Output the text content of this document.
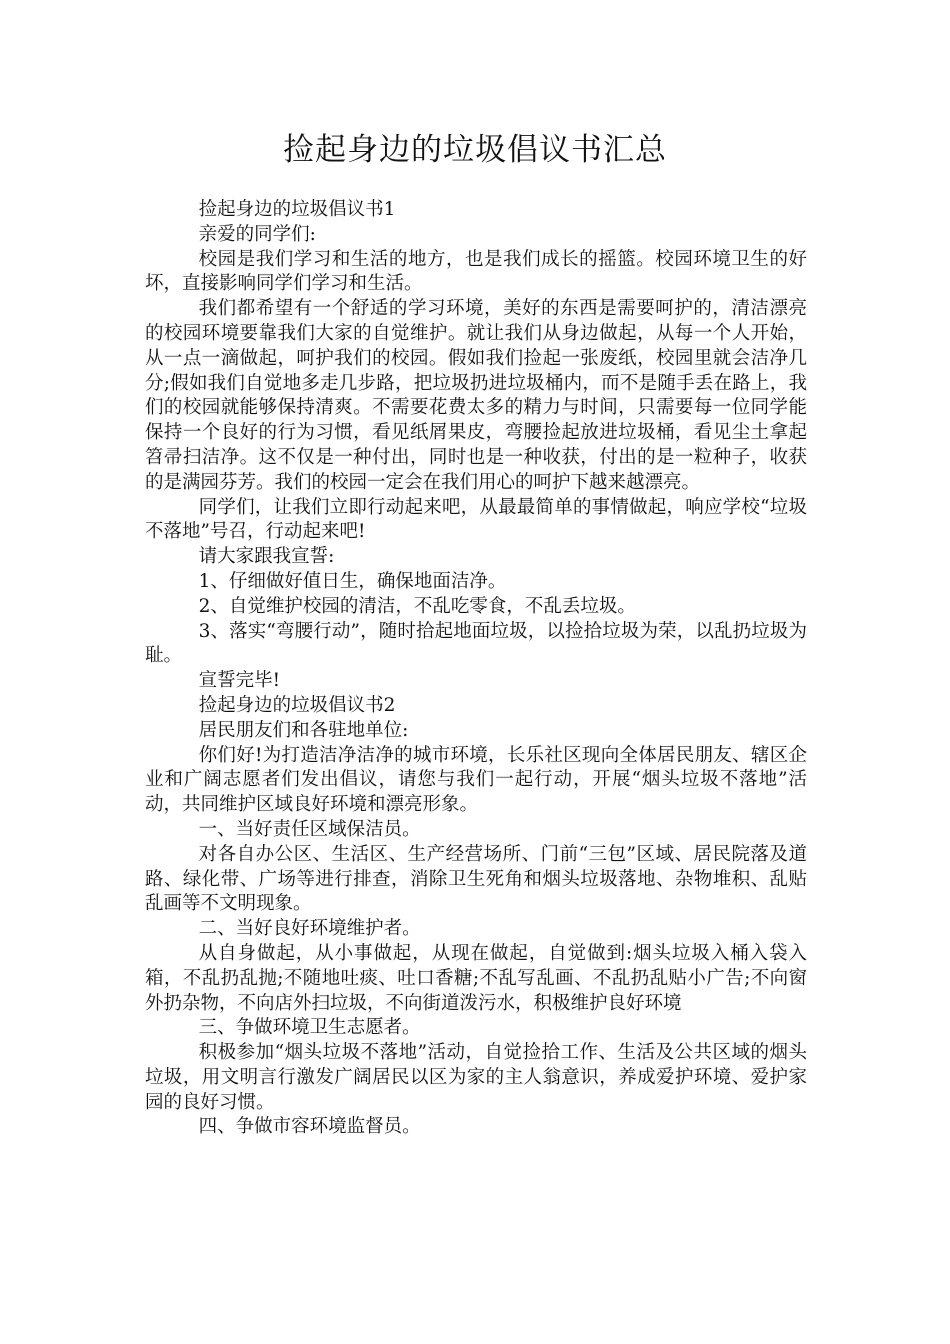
捡起身边的垃圾倡议书汇总

捡起身边的垃圾倡议书1

亲爱的同学们:

校园是我们学习和生活的地方，也是我们成长的摇篮。校园环境卫生的好坏，直接影响同学们学习和生活。

我们都希望有一个舒适的学习环境，美好的东西是需要呵护的，清洁漂亮的校园环境要靠我们大家的自觉维护。就让我们从身边做起，从每一个人开始，从一点一滴做起，呵护我们的校园。假如我们捡起一张废纸，校园里就会洁净几分;假如我们自觉地多走几步路，把垃圾扔进垃圾桶内，而不是随手丢在路上，我们的校园就能够保持清爽。不需要花费太多的精力与时间，只需要每一位同学能保持一个良好的行为习惯，看见纸屑果皮，弯腰捡起放进垃圾桶，看见尘土拿起笤帚扫洁净。这不仅是一种付出，同时也是一种收获，付出的是一粒种子，收获的是满园芬芳。我们的校园一定会在我们用心的呵护下越来越漂亮。

同学们，让我们立即行动起来吧，从最最简单的事情做起，响应学校“垃圾不落地”号召，行动起来吧!

请大家跟我宣誓:

1、仔细做好值日生，确保地面洁净。

2、自觉维护校园的清洁，不乱吃零食，不乱丢垃圾。

3、落实“弯腰行动”，随时拾起地面垃圾，以捡拾垃圾为荣，以乱扔垃圾为耻。

宣誓完毕!

捡起身边的垃圾倡议书2

居民朋友们和各驻地单位:

你们好!为打造洁净洁净的城市环境，长乐社区现向全体居民朋友、辖区企业和广阔志愿者们发出倡议，请您与我们一起行动，开展“烟头垃圾不落地”活动，共同维护区域良好环境和漂亮形象。

一、当好责任区域保洁员。

对各自办公区、生活区、生产经营场所、门前“三包”区域、居民院落及道路、绿化带、广场等进行排查，消除卫生死角和烟头垃圾落地、杂物堆积、乱贴乱画等不文明现象。

二、当好良好环境维护者。

从自身做起，从小事做起，从现在做起，自觉做到:烟头垃圾入桶入袋入箱，不乱扔乱抛;不随地吐痰、吐口香糖;不乱写乱画、不乱扔乱贴小广告;不向窗外扔杂物，不向店外扫垃圾，不向街道泼污水，积极维护良好环境

三、争做环境卫生志愿者。

积极参加“烟头垃圾不落地”活动，自觉捡拾工作、生活及公共区域的烟头垃圾，用文明言行激发广阔居民以区为家的主人翁意识，养成爱护环境、爱护家园的良好习惯。

四、争做市容环境监督员。
